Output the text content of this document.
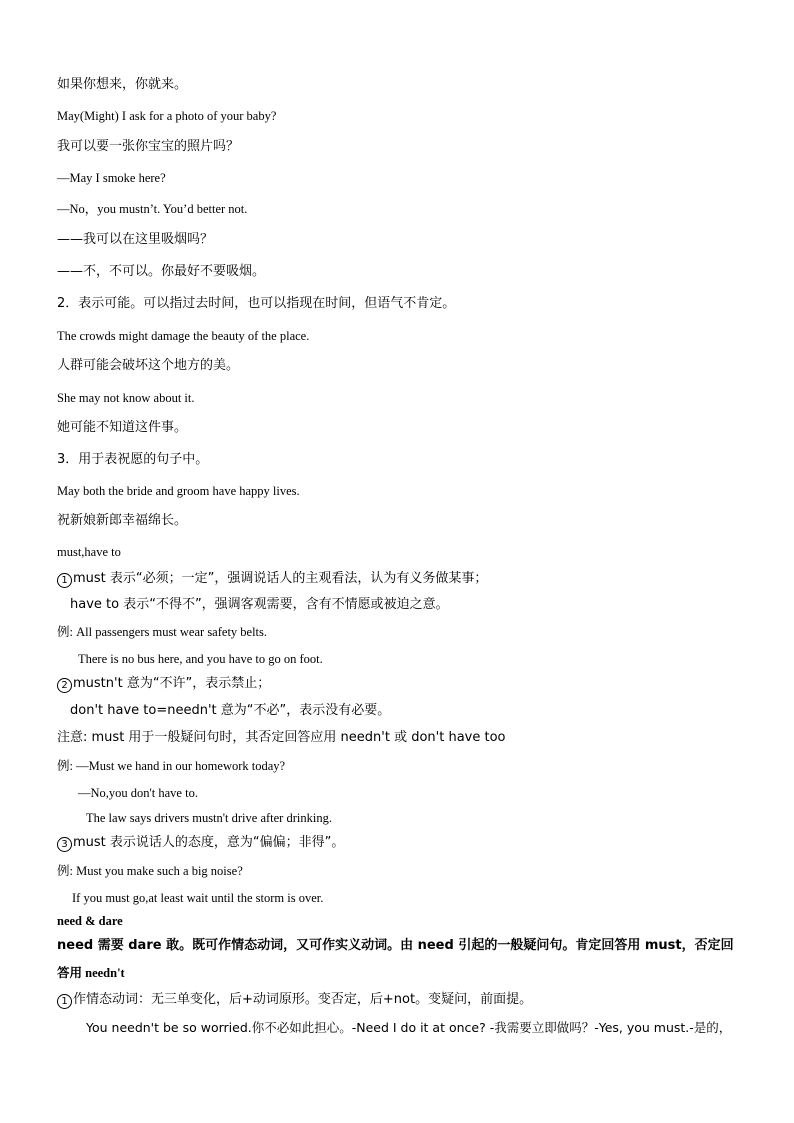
如果你想来，你就来。
May(Might) I ask for a photo of your baby?
我可以要一张你宝宝的照片吗？
—May I smoke here?
—No，you mustn’t. You’d better not.
——我可以在这里吸烟吗？
——不，不可以。你最好不要吸烟。
2．表示可能。可以指过去时间，也可以指现在时间，但语气不肯定。
The crowds might damage the beauty of the place.
人群可能会破坏这个地方的美。
She may not know about it.
她可能不知道这件事。
3．用于表祝愿的句子中。
May both the bride and groom have happy lives.
祝新娘新郎幸福绵长。
must,have to
1 must 表示“必须；一定”，强调说话人的主观看法，认为有义务做某事；
have to 表示“不得不”，强调客观需要，含有不情愿或被迫之意。
例: All passengers must wear safety belts.
There is no bus here, and you have to go on foot.
2 mustn't 意为“不许”，表示禁止；
don't have to=needn't 意为“不必”，表示没有必要。
注意: must 用于一般疑问句时，其否定回答应用 needn't 或 don't have too
例: —Must we hand in our homework today?
—No,you don't have to.
The law says drivers mustn't drive after drinking.
3 must 表示说话人的态度，意为“偏偏；非得”。
例: Must you make such a big noise?
If you must go,at least wait until the storm is over.
need & dare
need 需要 dare 敢。既可作情态动词，又可作实义动词。由 need 引起的一般疑问句。肯定回答用 must，否定回
答用 needn't
1 作情态动词：无三单变化，后+动词原形。变否定，后+not。变疑问，前面提。
You needn't be so worried.你不必如此担心。-Need I do it at once? -我需要立即做吗？-Yes, you must.-是的，
